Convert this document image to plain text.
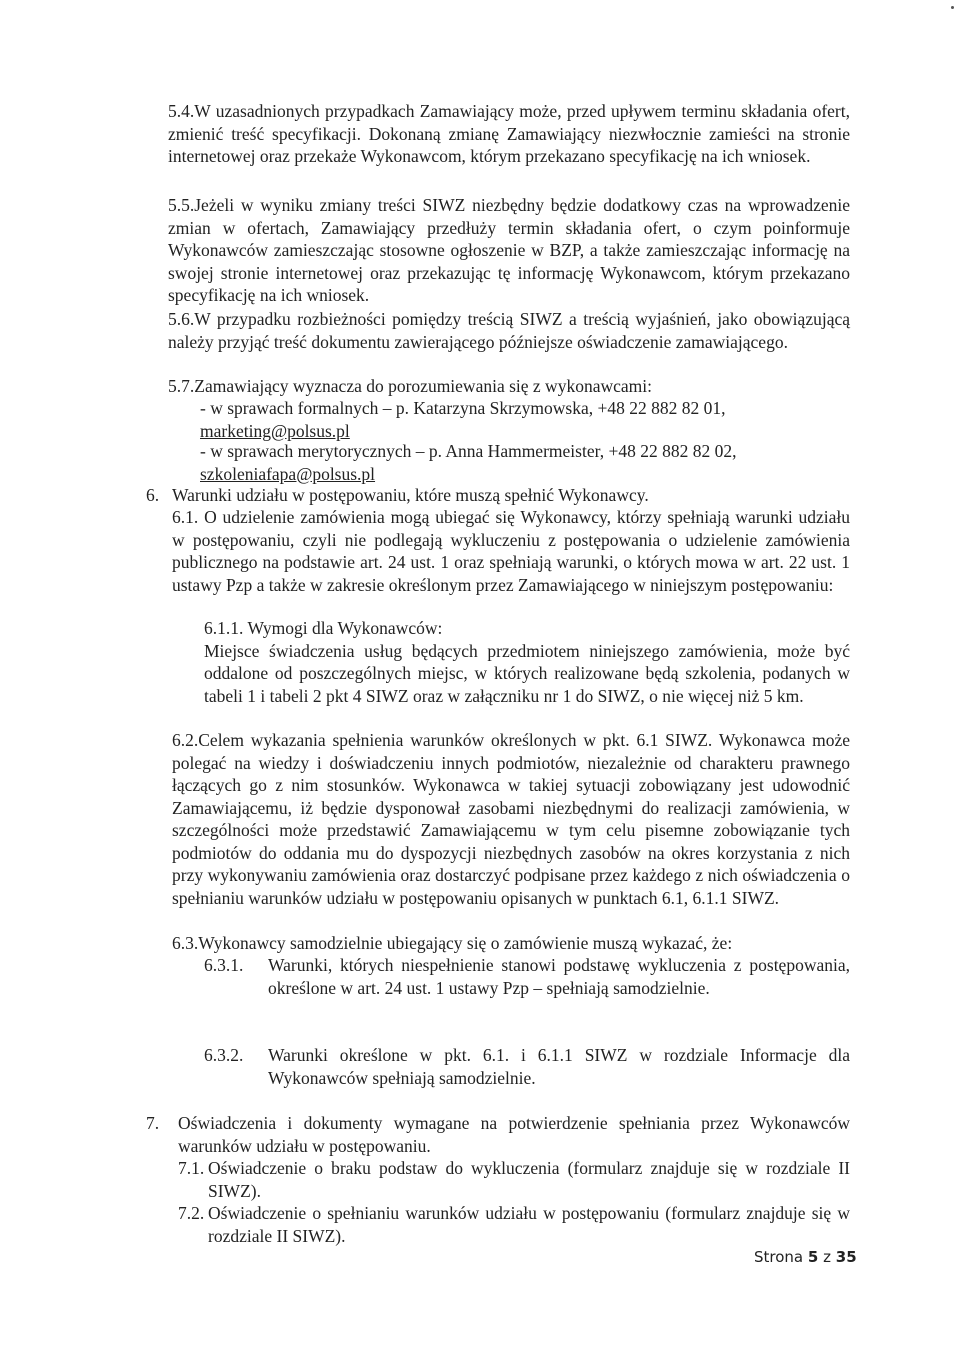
5.4.W uzasadnionych przypadkach Zamawiający może, przed upływem terminu składania ofert, zmienić treść specyfikacji. Dokonaną zmianę Zamawiający niezwłocznie zamieści na stronie internetowej oraz przekaże Wykonawcom, którym przekazano specyfikację na ich wniosek.
5.5.Jeżeli w wyniku zmiany treści SIWZ niezbędny będzie dodatkowy czas na wprowadzenie zmian w ofertach, Zamawiający przedłuży termin składania ofert, o czym poinformuje Wykonawców zamieszczając stosowne ogłoszenie w BZP, a także zamieszczając informację na swojej stronie internetowej oraz przekazując tę informację Wykonawcom, którym przekazano specyfikację na ich wniosek.
5.6.W przypadku rozbieżności pomiędzy treścią SIWZ a treścią wyjaśnień, jako obowiązującą należy przyjąć treść dokumentu zawierającego późniejsze oświadczenie zamawiającego.
5.7.Zamawiający wyznacza do porozumiewania się z wykonawcami:
- w sprawach formalnych – p. Katarzyna Skrzymowska, +48 22 882 82 01,
marketing@polsus.pl
- w sprawach merytorycznych – p. Anna Hammermeister, +48 22 882 82 02,
szkoleniafapa@polsus.pl
6. Warunki udziału w postępowaniu, które muszą spełnić Wykonawcy.
6.1. O udzielenie zamówienia mogą ubiegać się Wykonawcy, którzy spełniają warunki udziału w postępowaniu, czyli nie podlegają wykluczeniu z postępowania o udzielenie zamówienia publicznego na podstawie art. 24 ust. 1 oraz spełniają warunki, o których mowa w art. 22 ust. 1 ustawy Pzp a także w zakresie określonym przez Zamawiającego w niniejszym postępowaniu:
6.1.1. Wymogi dla Wykonawców:
Miejsce świadczenia usług będących przedmiotem niniejszego zamówienia, może być oddalone od poszczególnych miejsc, w których realizowane będą szkolenia, podanych w tabeli 1 i tabeli 2 pkt 4 SIWZ oraz w załączniku nr 1 do SIWZ, o nie więcej niż 5 km.
6.2.Celem wykazania spełnienia warunków określonych w pkt. 6.1 SIWZ. Wykonawca może polegać na wiedzy i doświadczeniu innych podmiotów, niezależnie od charakteru prawnego łączących go z nim stosunków. Wykonawca w takiej sytuacji zobowiązany jest udowodnić Zamawiającemu, iż będzie dysponował zasobami niezbędnymi do realizacji zamówienia, w szczególności może przedstawić Zamawiającemu w tym celu pisemne zobowiązanie tych podmiotów do oddania mu do dyspozycji niezbędnych zasobów na okres korzystania z nich przy wykonywaniu zamówienia oraz dostarczyć podpisane przez każdego z nich oświadczenia o spełnianiu warunków udziału w postępowaniu opisanych w punktach 6.1, 6.1.1 SIWZ.
6.3.Wykonawcy samodzielnie ubiegający się o zamówienie muszą wykazać, że:
6.3.1. Warunki, których niespełnienie stanowi podstawę wykluczenia z postępowania, określone w art. 24 ust. 1 ustawy Pzp – spełniają samodzielnie.
6.3.2. Warunki określone w pkt. 6.1. i 6.1.1 SIWZ w rozdziale Informacje dla Wykonawców spełniają samodzielnie.
7. Oświadczenia i dokumenty wymagane na potwierdzenie spełniania przez Wykonawców warunków udziału w postępowaniu.
7.1. Oświadczenie o braku podstaw do wykluczenia (formularz znajduje się w rozdziale II SIWZ).
7.2. Oświadczenie o spełnianiu warunków udziału w postępowaniu (formularz znajduje się w rozdziale II SIWZ).
Strona 5 z 35
